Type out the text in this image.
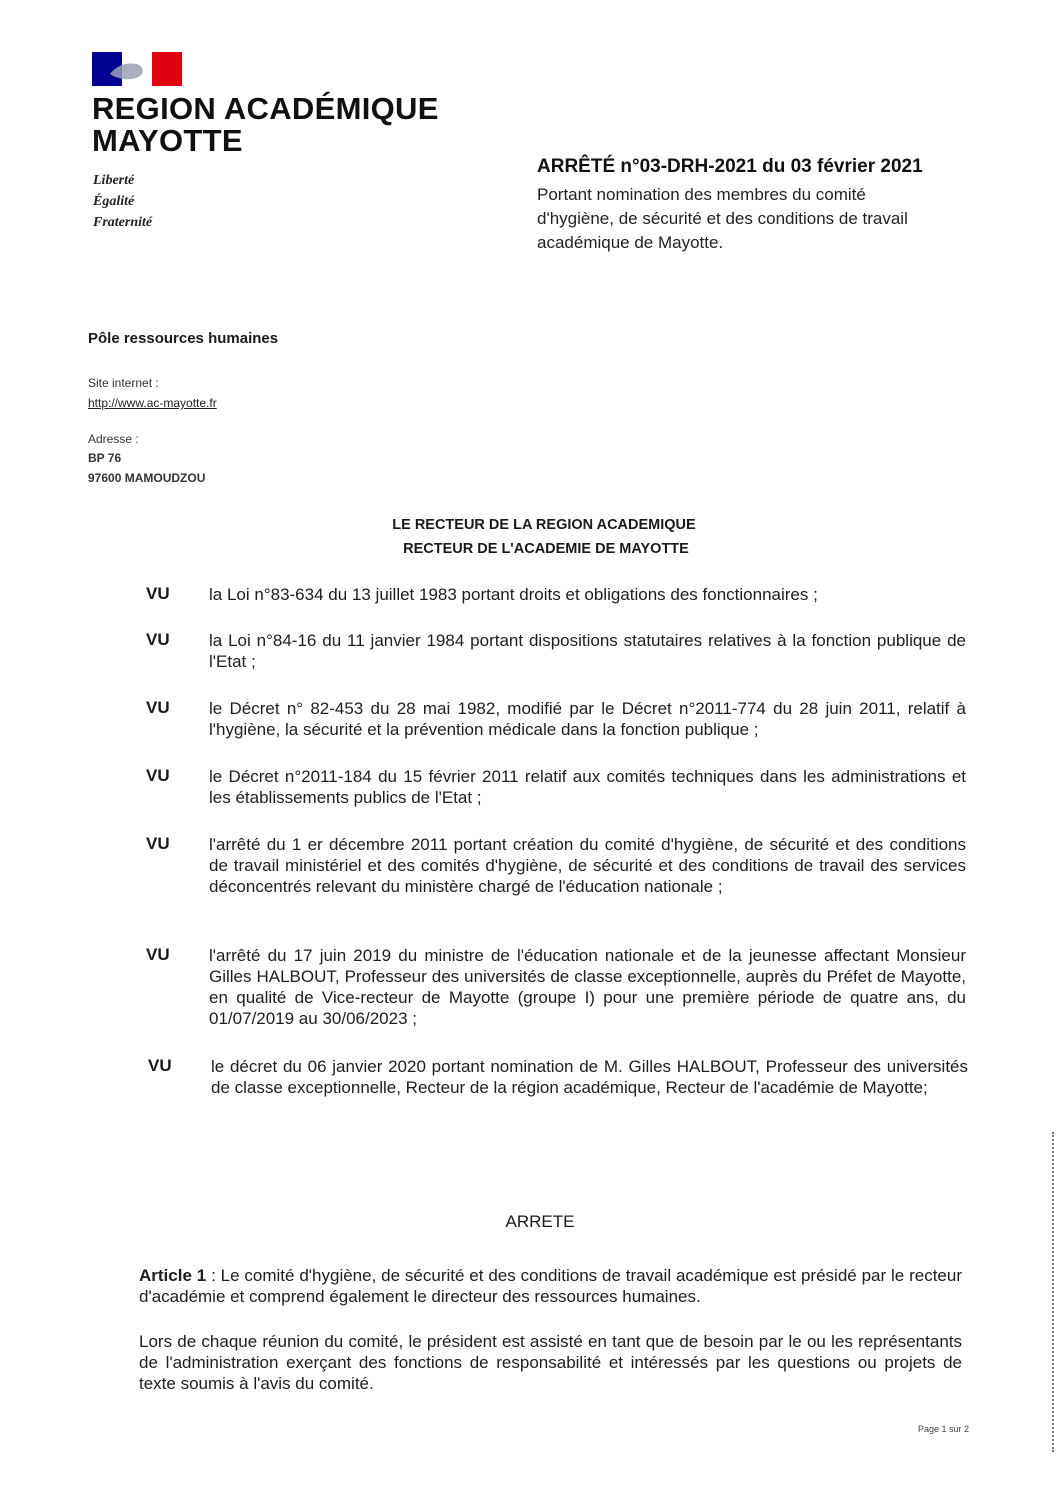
REGION ACADÉMIQUE
MAYOTTE
Liberté
Égalité
Fraternité
ARRÊTÉ n°03-DRH-2021 du 03 février 2021
Portant nomination des membres du comité
d'hygiène, de sécurité et des conditions de travail
académique de Mayotte.
Pôle ressources humaines
Site internet :
http://www.ac-mayotte.fr
Adresse :
BP 76
97600 MAMOUDZOU
LE RECTEUR DE LA REGION ACADEMIQUE
RECTEUR DE L'ACADEMIE DE MAYOTTE
VU la Loi n°83-634 du 13 juillet 1983 portant droits et obligations des fonctionnaires ;
VU la Loi n°84-16 du 11 janvier 1984 portant dispositions statutaires relatives à la fonction publique de l'Etat ;
VU le Décret n° 82-453 du 28 mai 1982, modifié par le Décret n°2011-774 du 28 juin 2011, relatif à l'hygiène, la sécurité et la prévention médicale dans la fonction publique ;
VU le Décret n°2011-184 du 15 février 2011 relatif aux comités techniques dans les administrations et les établissements publics de l'Etat ;
VU l'arrêté du 1 er décembre 2011 portant création du comité d'hygiène, de sécurité et des conditions de travail ministériel et des comités d'hygiène, de sécurité et des conditions de travail des services déconcentrés relevant du ministère chargé de l'éducation nationale ;
VU l'arrêté du 17 juin 2019 du ministre de l'éducation nationale et de la jeunesse affectant Monsieur Gilles HALBOUT, Professeur des universités de classe exceptionnelle, auprès du Préfet de Mayotte, en qualité de Vice-recteur de Mayotte (groupe I) pour une première période de quatre ans, du 01/07/2019 au 30/06/2023 ;
VU le décret du 06 janvier 2020 portant nomination de M. Gilles HALBOUT, Professeur des universités de classe exceptionnelle, Recteur de la région académique, Recteur de l'académie de Mayotte;
ARRETE
Article 1 : Le comité d'hygiène, de sécurité et des conditions de travail académique est présidé par le recteur d'académie et comprend également le directeur des ressources humaines.
Lors de chaque réunion du comité, le président est assisté en tant que de besoin par le ou les représentants de l'administration exerçant des fonctions de responsabilité et intéressés par les questions ou projets de texte soumis à l'avis du comité.
Page 1 sur 2
